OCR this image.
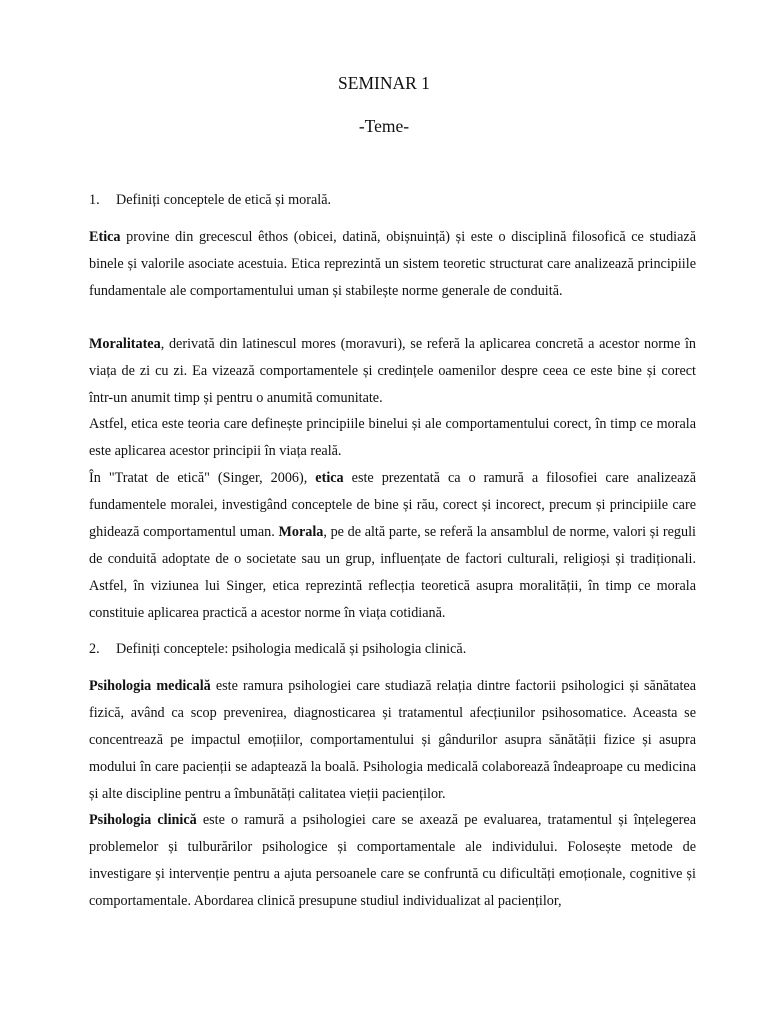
SEMINAR 1
-Teme-

1. Definiți conceptele de etică și morală.

Etica provine din grecescul êthos (obicei, datină, obișnuință) și este o disciplină filosofică ce studiază binele și valorile asociate acestuia. Etica reprezintă un sistem teoretic structurat care analizează principiile fundamentale ale comportamentului uman și stabilește norme generale de conduită.

Moralitatea, derivată din latinescul mores (moravuri), se referă la aplicarea concretă a acestor norme în viața de zi cu zi. Ea vizează comportamentele și credințele oamenilor despre ceea ce este bine și corect într-un anumit timp și pentru o anumită comunitate.

Astfel, etica este teoria care definește principiile binelui și ale comportamentului corect, în timp ce morala este aplicarea acestor principii în viața reală.

În "Tratat de etică" (Singer, 2006), etica este prezentată ca o ramură a filosofiei care analizează fundamentele moralei, investigând conceptele de bine și rău, corect și incorect, precum și principiile care ghidează comportamentul uman. Morala, pe de altă parte, se referă la ansamblul de norme, valori și reguli de conduită adoptate de o societate sau un grup, influențate de factori culturali, religioși și tradiționali. Astfel, în viziunea lui Singer, etica reprezintă reflecția teoretică asupra moralității, în timp ce morala constituie aplicarea practică a acestor norme în viața cotidiană.

2. Definiți conceptele: psihologia medicală și psihologia clinică.

Psihologia medicală este ramura psihologiei care studiază relația dintre factorii psihologici și sănătatea fizică, având ca scop prevenirea, diagnosticarea și tratamentul afecțiunilor psihosomatice. Aceasta se concentrează pe impactul emoțiilor, comportamentului și gândurilor asupra sănătății fizice și asupra modului în care pacienții se adaptează la boală. Psihologia medicală colaborează îndeaproape cu medicina și alte discipline pentru a îmbunătăți calitatea vieții pacienților.

Psihologia clinică este o ramură a psihologiei care se axează pe evaluarea, tratamentul și înțelegerea problemelor și tulburărilor psihologice și comportamentale ale individului. Folosește metode de investigare și intervenție pentru a ajuta persoanele care se confruntă cu dificultăți emoționale, cognitive și comportamentale. Abordarea clinică presupune studiul individualizat al pacienților,
